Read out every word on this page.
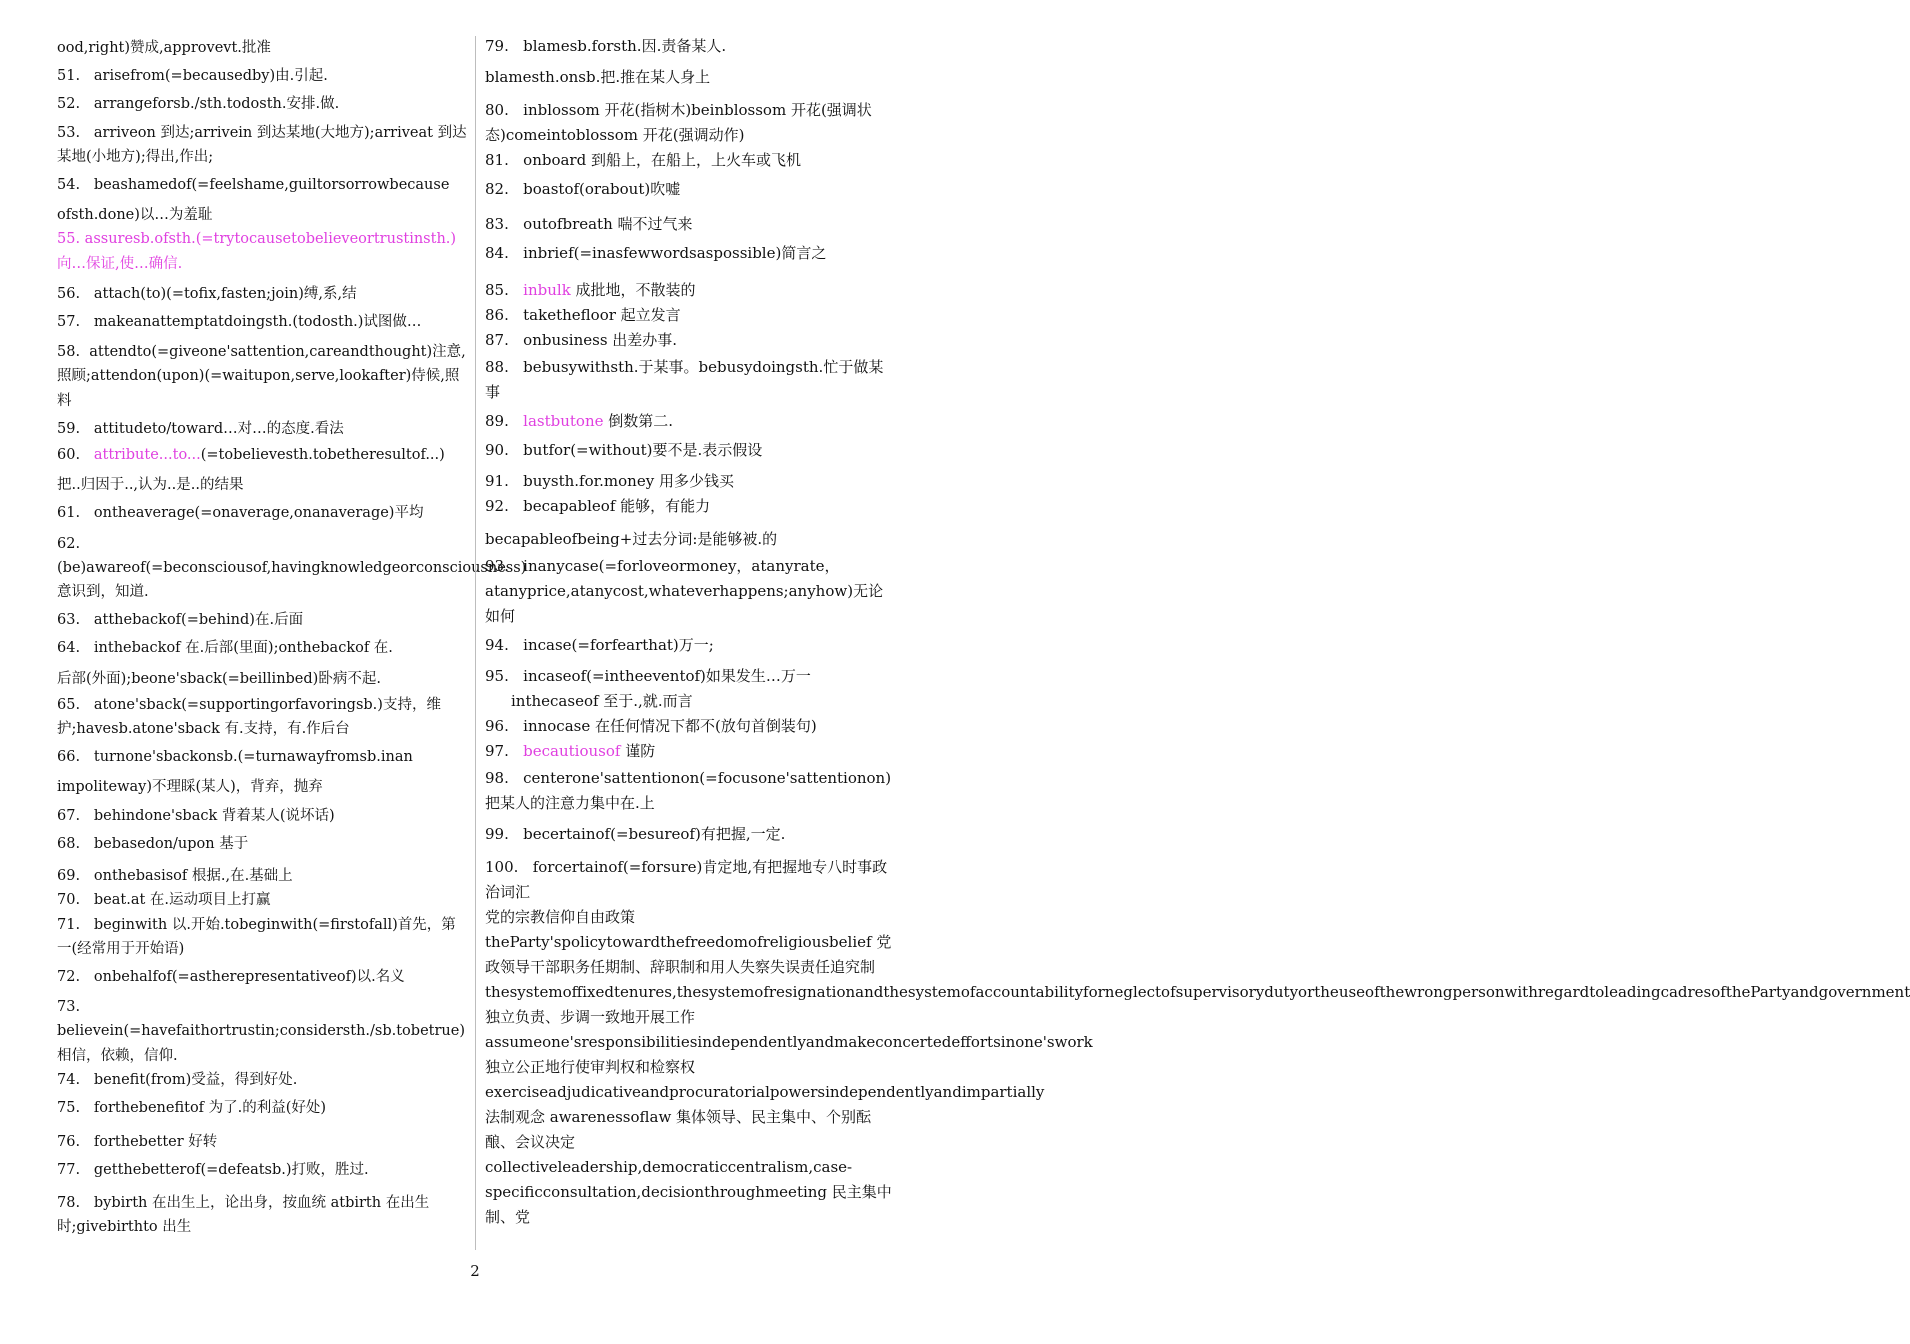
ood,right)赞成,approvevt.批准
51.   arisefrom(=becausedby)由.引起.
52.   arrangeforsb./sth.todosth.安排.做.
53.   arriveon 到达;arrivein 到达某地(大地方);arriveat 到达某地(小地方);得出,作出;
54.   beashamedof(=feelshame,guiltorsorrowbecause
ofsth.done)以…为羞耻
55. assuresb.ofsth.(=trytocausetobelieveortrustinsth.)向…保证,使…确信.
56.   attach(to)(=tofix,fasten;join)缚,系,结
57.   makeanattemptatdoingsth.(todosth.)试图做…
58.  attendto(=giveone'sattention,careandthought)注意,照顾;attendon(upon)(=waitupon,serve,lookafter)侍候,照料
59.   attitudeto/toward…对…的态度.看法
60.   attribute...to...(=tobelievesth.tobetheresultof...)
把..归因于..,认为..是..的结果
61.   ontheaverage(=onaverage,onanaverage)平均
62.   (be)awareof(=beconsciousof,havingknowledgeorconsciousness)意识到，知道.
63.   atthebackof(=behind)在.后面
64.   inthebackof 在.后部(里面);onthebackof 在.
后部(外面);beone'sback(=beillinbed)卧病不起.
65.   atone'sback(=supportingorfavoringsb.)支持，维护;havesb.atone'sback 有.支持，有.作后台
66.   turnone'sbackonsb.(=turnawayfromsb.inan
impoliteway)不理睬(某人)，背弃，抛弃
67.   behindone'sback 背着某人(说坏话)
68.   bebasedon/upon 基于
69.   onthebasisof 根据.,在.基础上
70.   beat.at 在.运动项目上打赢
71.   beginwith 以.开始.tobeginwith(=firstofall)首先，第一(经常用于开始语)
72.   onbehalfof(=astherepresentativeof)以.名义
73.   believein(=havefaithortrustin;considersth./sb.tobetrue)相信，依赖，信仰.
74.   benefit(from)受益，得到好处.
75.   forthebenefitof 为了.的利益(好处)
76.   forthebetter 好转
77.   getthebetterof(=defeatsb.)打败，胜过.
78.   bybirth 在出生上，论出身，按血统 atbirth 在出生时;givebirthto 出生
79.   blamesb.forsth.因.责备某人.
blamesth.onsb.把.推在某人身上
80.   inblossom 开花(指树木)beinblossom 开花(强调状态)comeintoblossom 开花(强调动作)
81.   onboard 到船上，在船上，上火车或飞机
82.   boastof(orabout)吹嘘
83.   outofbreath 喘不过气来
84.   inbrief(=inasfewwordsaspossible)简言之
85.   inbulk 成批地，不散装的
86.   takethefloor 起立发言
87.   onbusiness 出差办事.
88.   bebusywithsth.于某事。bebusydoingsth.忙于做某事
89.   lastbutone 倒数第二.
90.   butfor(=without)要不是.表示假设
91.   buysth.for.money 用多少钱买
92.   becapableof 能够，有能力
becapableofbeing+过去分词:是能够被.的
93.   inanycase(=forloveormoney，atanyrate，atanyprice,atanycost,whateverhappens;anyhow)无论如何
94.   incase(=forfearthat)万一;
95.   incaseof(=intheeventof)如果发生…万一
inthecaseof 至于.,就.而言
96.   innocase 在任何情况下都不(放句首倒装句)
97.   becautiousof 谨防
98.   centerone'sattentionon(=focusone'sattentionon)把某人的注意力集中在.上
99.   becertainof(=besureof)有把握,一定.
100.   forcertainof(=forsure)肯定地,有把握地专八时事政治词汇
党的宗教信仰自由政策
theParty'spolicytowardthefreedomofreligiousbelief 党政领导干部职务任期制、辞职制和用人失察失误责任追究制
thesystemoffixedtenures,thesystemofresignationandthesystemofaccountabilityforneglectofsupervisorydutyortheuseofthewrongpersonwithregardtoleadingcadresofthePartyandgovernment 独立负责、步调一致地开展工作
assumeone'sresponsibilitiesindependentlyandmakeconcertedeffortsinone'swork 独立公正地行使审判权和检察权
exerciseadjudicativeandprocuratorialpowersindependentlyandimpartially 法制观念 awarenessoflaw 集体领导、民主集中、个别酝酿、会议决定
collectiveleadership,democraticcentralism,case-specificconsultation,decisionthroughmeeting 民主集中制、党
2
